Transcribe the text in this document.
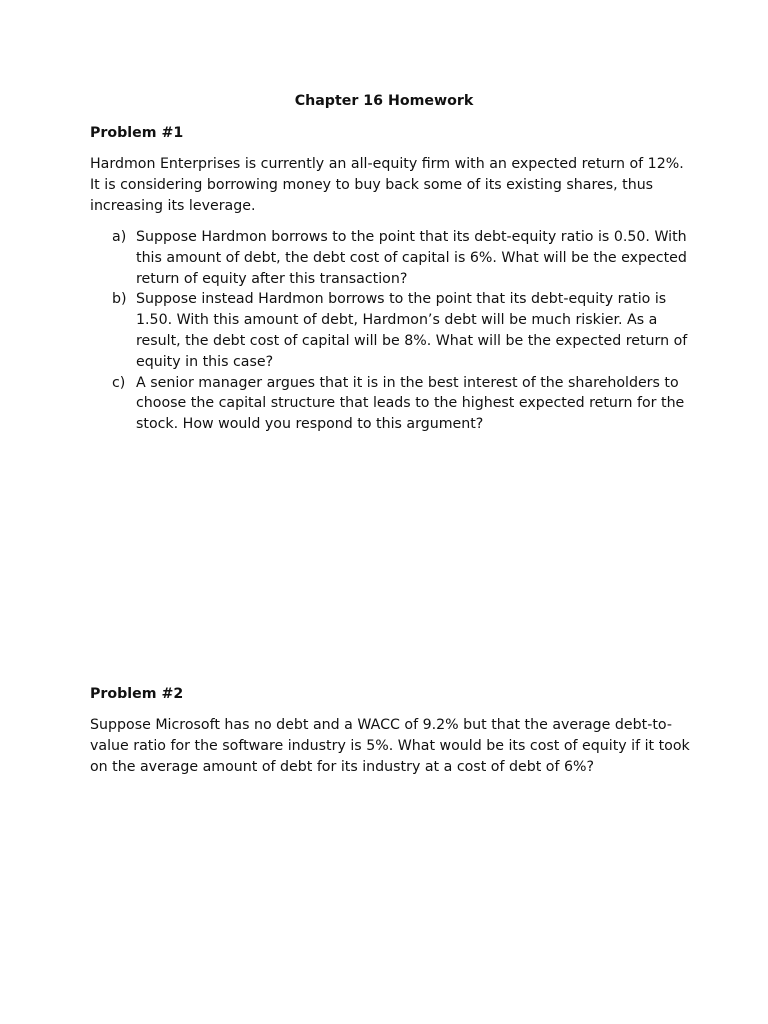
Chapter 16 Homework
Problem #1
Hardmon Enterprises is currently an all-equity firm with an expected return of 12%. It is considering borrowing money to buy back some of its existing shares, thus increasing its leverage.
a) Suppose Hardmon borrows to the point that its debt-equity ratio is 0.50. With this amount of debt, the debt cost of capital is 6%. What will be the expected return of equity after this transaction?
b) Suppose instead Hardmon borrows to the point that its debt-equity ratio is 1.50. With this amount of debt, Hardmon’s debt will be much riskier. As a result, the debt cost of capital will be 8%. What will be the expected return of equity in this case?
c) A senior manager argues that it is in the best interest of the shareholders to choose the capital structure that leads to the highest expected return for the stock. How would you respond to this argument?
Problem #2
Suppose Microsoft has no debt and a WACC of 9.2% but that the average debt-to-value ratio for the software industry is 5%. What would be its cost of equity if it took on the average amount of debt for its industry at a cost of debt of 6%?
